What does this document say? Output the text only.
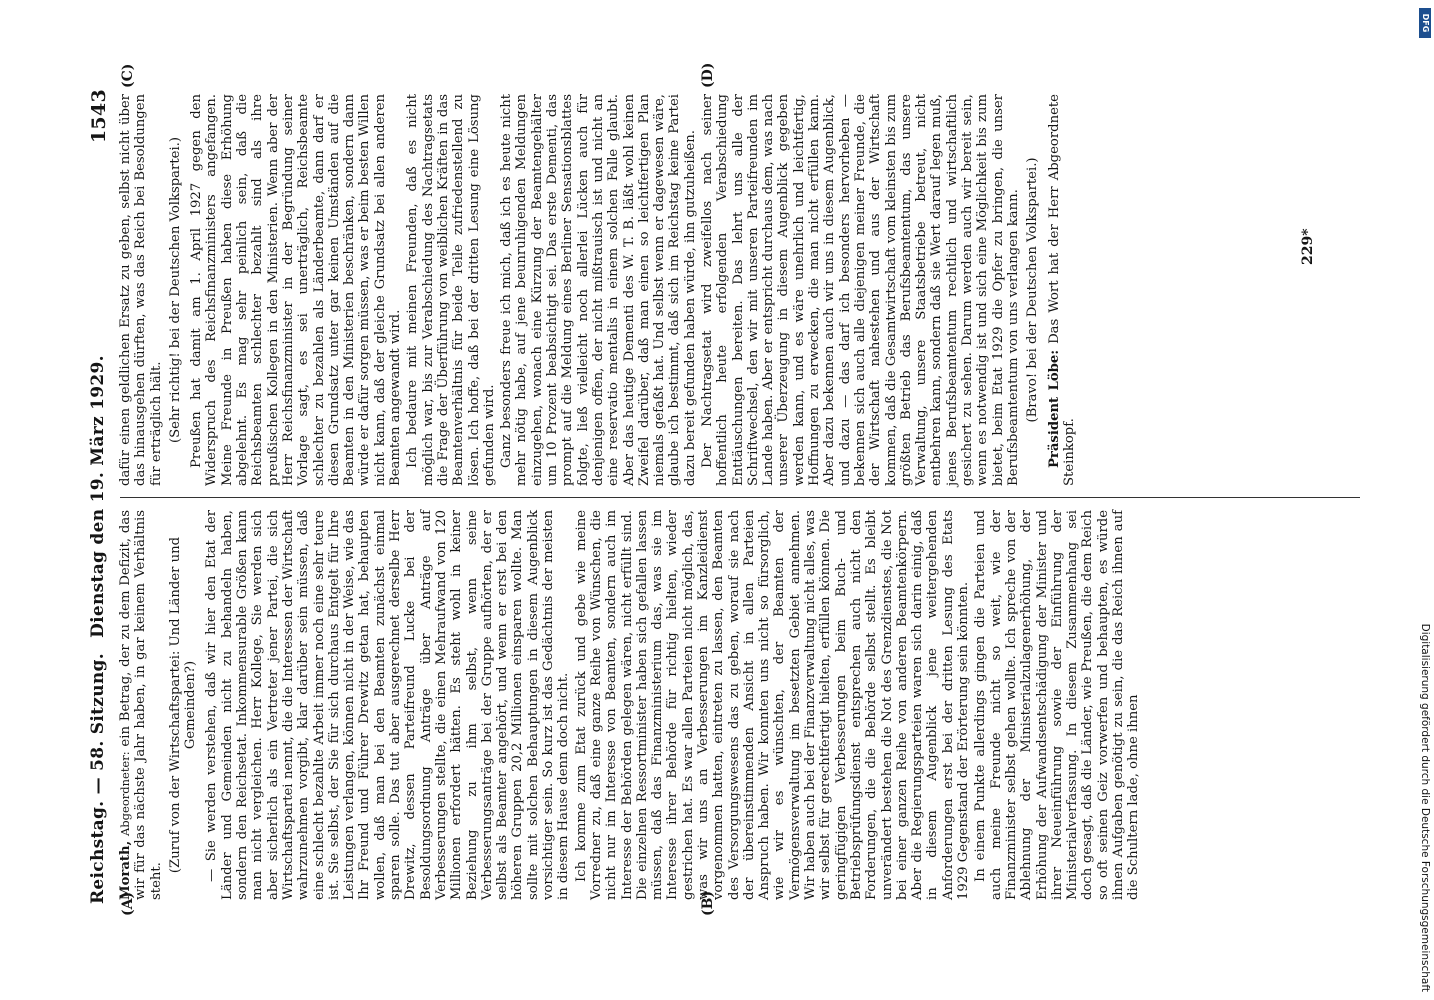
Reichstag. — 58. Sitzung.
Dienstag den 19. März 1929.
1543
(A)	(B)
(C)	(D)

Morath, Abgeordneter: ein Betrag, der zu dem Defizit, das wir für das nächste Jahr haben, in gar keinem Verhältnis steht.

(Zuruf von der Wirtschaftspartei: Und Länder und Gemeinden?) — Sie werden verstehen, daß wir hier den Etat der Länder und Gemeinden nicht zu behandeln haben, sondern den Reichsetat. Inkommensurable Größen kann man nicht vergleichen. Herr Kollege, Sie werden sich aber sicherlich als ein Vertreter jener Partei, die sich Wirtschaftspartei nennt, die die Interessen der Wirtschaft wahrzunehmen vorgibt, klar darüber sein müssen, daß eine schlecht bezahlte Arbeit immer noch eine sehr teure ist. Sie selbst, der Sie für sich durchaus Entgelt für Ihre Leistungen verlangen, können nicht in der Weise, wie das Ihr Freund und Führer Drewitz getan hat, behaupten wollen, daß man bei den Beamten zunächst einmal sparen solle. Das tut aber ausgerechnet derselbe Herr Drewitz, dessen Parteifreund Lucke bei der Besoldungsordnung Anträge über Anträge auf Verbesserungen stellte, die einen Mehraufwand von 120 Millionen erfordert hätten. Es steht wohl in keiner Beziehung zu ihm selbst, wenn seine Verbesserungsanträge bei der Gruppe aufhörten, der er selbst als Beamter angehört, und wenn er erst bei den höheren Gruppen 20,2 Millionen einsparen wollte. Man sollte mit solchen Behauptungen in diesem Augenblick vorsichtiger sein. So kurz ist das Gedächtnis der meisten in diesem Hause denn doch nicht. Ich komme zum Etat zurück und gebe wie meine Vorredner zu, daß eine ganze Reihe von Wünschen, die nicht nur im Interesse von Beamten, sondern auch im Interesse der Behörden gelegen wären, nicht erfüllt sind. Die einzelnen Ressortminister haben sich gefallen lassen müssen, daß das Finanzministerium das, was sie im Interesse ihrer Behörde für richtig hielten, wieder gestrichen hat. Es war allen Parteien nicht möglich, das, was wir uns an Verbesserungen im Kanzleidienst vorgenommen hatten, eintreten zu lassen, den Beamten des Versorgungswesens das zu geben, worauf sie nach der übereinstimmenden Ansicht in allen Parteien Anspruch haben. Wir konnten uns nicht so fürsorglich, wie wir es wünschten, der Beamten der Vermögensverwaltung im besetzten Gebiet annehmen. Wir haben auch bei der Finanzverwaltung nicht alles, was wir selbst für gerechtfertigt hielten, erfüllen können. Die geringfügigen Verbesserungen beim Buch- und Betriebsprüfungsdienst entsprechen auch nicht den Forderungen, die die Behörde selbst stellt. Es bleibt unverändert bestehen die Not des Grenzdienstes, die Not bei einer ganzen Reihe von anderen Beamtenkörpern. Aber die Regierungsparteien waren sich darin einig, daß in diesem Augenblick jene weitergehenden Anforderungen erst bei der dritten Lesung des Etats 1929 Gegenstand der Erörterung sein könnten. In einem Punkte allerdings gingen die Parteien und auch meine Freunde nicht so weit, wie der Finanzminister selbst gehen wollte. Ich spreche von der Ablehnung der Ministerialzulagenerhöhung, der Erhöhung der Aufwandsentschädigung der Minister und ihrer Neueinführung sowie der Einführung der Ministerialverfassung. In diesem Zusammenhang sei doch gesagt, daß die Länder, wie Preußen, die dem Reich so oft seinen Geiz vorwerfen und behaupten, es würde ihnen Aufgaben genötigt zu sein, die das Reich ihnen auf die Schultern lade, ohne ihnen

dafür einen geldlichen Ersatz zu geben, selbst nicht über das hinausgehen dürften, was das Reich bei Besoldungen für erträglich hält. (Sehr richtig! bei der Deutschen Volkspartei.) Preußen hat damit am 1. April 1927 gegen den Widerspruch des Reichsfinanzministers angefangen. Meine Freunde in Preußen haben diese Erhöhung abgelehnt. Es mag sehr peinlich sein, daß die Reichsbeamten schlechter bezahlt sind als ihre preußischen Kollegen in den Ministerien. Wenn aber der Herr Reichsfinanzminister in der Begründung seiner Vorlage sagt, es sei unerträglich, Reichsbeamte schlechter zu bezahlen als Länderbeamte, dann darf er diesen Grundsatz unter gar keinen Umständen auf die Beamten in den Ministerien beschränken, sondern dann würde er dafür sorgen müssen, was er beim besten Willen nicht kann, daß der gleiche Grundsatz bei allen anderen Beamten angewandt wird. Ich bedaure mit meinen Freunden, daß es nicht möglich war, bis zur Verabschiedung des Nachtragsetats die Frage der Überführung von weiblichen Kräften in das Beamtenverhältnis für beide Teile zufriedenstellend zu lösen. Ich hoffe, daß bei der dritten Lesung eine Lösung gefunden wird. Ganz besonders freue ich mich, daß ich es heute nicht mehr nötig habe, auf jene beunruhigenden Meldungen einzugehen, wonach eine Kürzung der Beamtengehälter um 10 Prozent beabsichtigt sei. Das erste Dementi, das prompt auf die Meldung eines Berliner Sensationsblattes folgte, ließ vielleicht noch allerlei Lücken auch für denjenigen offen, der nicht mißtrauisch ist und nicht an eine reservatio mentalis in einem solchen Falle glaubt. Aber das heutige Dementi des W. T. B. läßt wohl keinen Zweifel darüber, daß man einen so leichtfertigen Plan niemals gefaßt hat. Und selbst wenn er dagewesen wäre, glaube ich bestimmt, daß sich im Reichstag keine Partei dazu bereit gefunden haben würde, ihn gutzuheißen. Der Nachtragsetat wird zweifellos nach seiner hoffentlich heute erfolgenden Verabschiedung Enttäuschungen bereiten. Das lehrt uns alle der Schriftwechsel, den wir mit unseren Parteifreunden im Lande haben. Aber er entspricht durchaus dem, was nach unserer Überzeugung in diesem Augenblick gegeben werden kann, und es wäre unehrlich und leichtfertig, Hoffnungen zu erwecken, die man nicht erfüllen kann. Aber dazu bekennen auch wir uns in diesem Augenblick, und dazu — das darf ich besonders hervorheben — bekennen sich auch alle diejenigen meiner Freunde, die der Wirtschaft nahestehen und aus der Wirtschaft kommen, daß die Gesamtwirtschaft vom kleinsten bis zum größten Betrieb das Berufsbeamtentum, das unsere Verwaltung, unsere Staatsbetriebe betreut, nicht entbehren kann, sondern daß sie Wert darauf legen muß, jenes Berufsbeamtentum rechtlich und wirtschaftlich gesichert zu sehen. Darum werden auch wir bereit sein, wenn es notwendig ist und sich eine Möglichkeit bis zum bietet, beim Etat 1929 die Opfer zu bringen, die unser Berufsbeamtentum von uns verlangen kann. (Bravo! bei der Deutschen Volkspartei.) Präsident Löbe: Das Wort hat der Herr Abgeordnete Steinkopf.

229*
Digitalisierung gefördert durch die Deutsche Forschungsgemeinschaft
DFG
